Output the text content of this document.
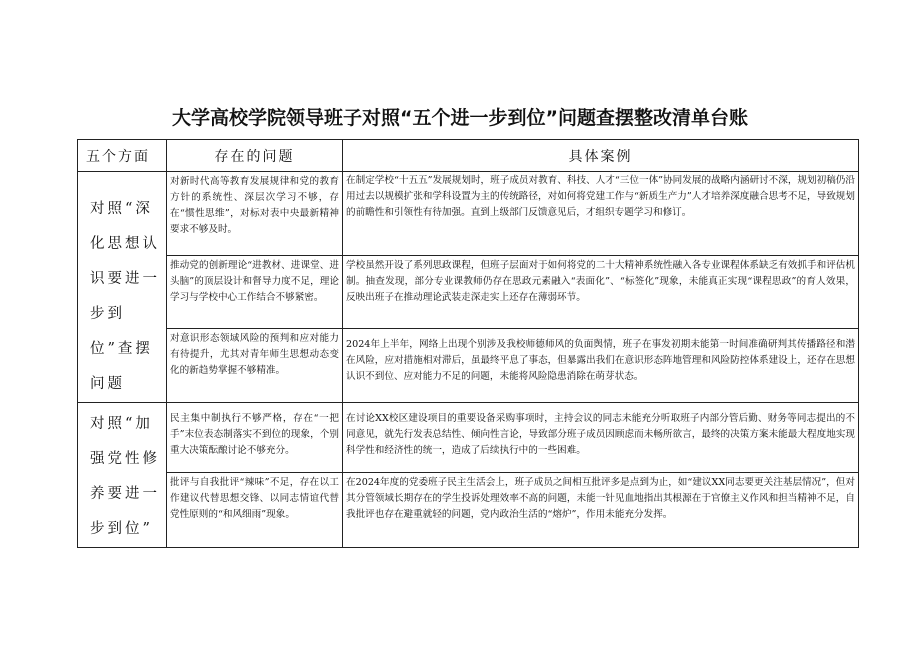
大学高校学院领导班子对照“五个进一步到位”问题查摆整改清单台账
五个方面	存在的问题	具体案例
对照“深化思想认识要进一步到位”查摆问题	对新时代高等教育发展规律和党的教育方针的系统性、深层次学习不够，存在“惯性思维”，对标对表中央最新精神要求不够及时。	在制定学校“十五五”发展规划时，班子成员对教育、科技、人才“三位一体”协同发展的战略内涵研讨不深，规划初稿仍沿用过去以规模扩张和学科设置为主的传统路径，对如何将党建工作与“新质生产力”人才培养深度融合思考不足，导致规划的前瞻性和引领性有待加强。直到上级部门反馈意见后，才组织专题学习和修订。
	推动党的创新理论“进教材、进课堂、进头脑”的顶层设计和督导力度不足，理论学习与学校中心工作结合不够紧密。	学校虽然开设了系列思政课程，但班子层面对于如何将党的二十大精神系统性融入各专业课程体系缺乏有效抓手和评估机制。抽查发现，部分专业课教师仍存在思政元素融入“表面化”、“标签化”现象，未能真正实现“课程思政”的育人效果，反映出班子在推动理论武装走深走实上还存在薄弱环节。
	对意识形态领域风险的预判和应对能力有待提升，尤其对青年师生思想动态变化的新趋势掌握不够精准。	2024年上半年，网络上出现个别涉及我校师德师风的负面舆情，班子在事发初期未能第一时间准确研判其传播路径和潜在风险，应对措施相对滞后，虽最终平息了事态，但暴露出我们在意识形态阵地管理和风险防控体系建设上，还存在思想认识不到位、应对能力不足的问题，未能将风险隐患消除在萌芽状态。
对照“加强党性修养要进一步到位”	民主集中制执行不够严格，存在“一把手”末位表态制落实不到位的现象，个别重大决策酝酿讨论不够充分。	在讨论XX校区建设项目的重要设备采购事项时，主持会议的同志未能充分听取班子内部分管后勤、财务等同志提出的不同意见，就先行发表总结性、倾向性言论，导致部分班子成员因顾虑而未畅所欲言，最终的决策方案未能最大程度地实现科学性和经济性的统一，造成了后续执行中的一些困难。
	批评与自我批评“辣味”不足，存在以工作建议代替思想交锋、以同志情谊代替党性原则的“和风细雨”现象。	在2024年度的党委班子民主生活会上，班子成员之间相互批评多是点到为止，如“建议XX同志要更关注基层情况”，但对其分管领域长期存在的学生投诉处理效率不高的问题，未能一针见血地指出其根源在于官僚主义作风和担当精神不足，自我批评也存在避重就轻的问题，党内政治生活的“熔炉”，作用未能充分发挥。
